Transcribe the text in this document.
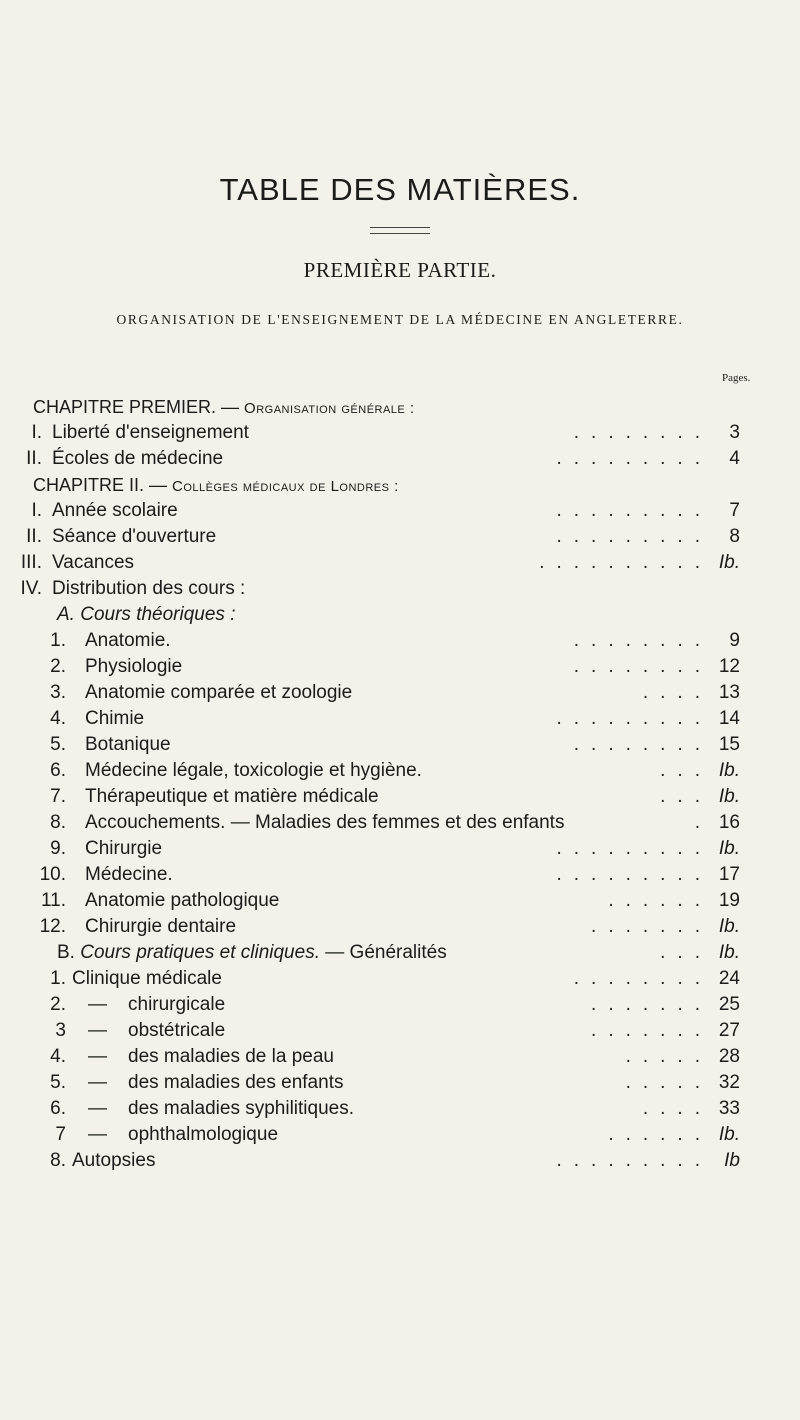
TABLE DES MATIÈRES.
PREMIÈRE PARTIE.
ORGANISATION DE L'ENSEIGNEMENT DE LA MÉDECINE EN ANGLETERRE.
Pages.
CHAPITRE PREMIER. — Organisation générale :
I. Liberté d'enseignement	........ 3
II. Écoles de médecine	......... 4
CHAPITRE II. — Collèges médicaux de Londres :
I. Année scolaire	......... 7
II. Séance d'ouverture	......... 8
III. Vacances	.......... Ib.
IV. Distribution des cours :
A. Cours théoriques :
1. Anatomie.	........ 9
2. Physiologie	........ 12
3. Anatomie comparée et zoologie	.... 13
4. Chimie	......... 14
5. Botanique	........ 15
6. Médecine légale, toxicologie et hygiène.	... Ib.
7. Thérapeutique et matière médicale	... Ib.
8. Accouchements. — Maladies des femmes et des enfants	. 16
9. Chirurgie	......... Ib.
10. Médecine.	......... 17
11. Anatomie pathologique	...... 19
12. Chirurgie dentaire	....... Ib.
B. Cours pratiques et cliniques. — Généralités	... Ib.
1. Clinique médicale	........ 24
2. — chirurgicale	....... 25
3 — obstétricale	....... 27
4. — des maladies de la peau	..... 28
5. — des maladies des enfants	..... 32
6. — des maladies syphilitiques.	.... 33
7 — ophthalmologique	...... Ib.
8. Autopsies	......... Ib
